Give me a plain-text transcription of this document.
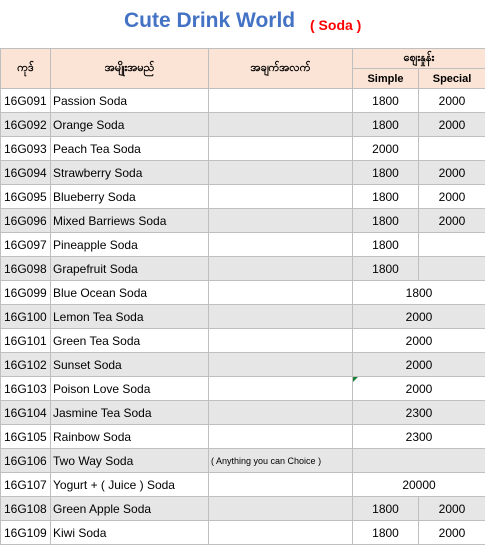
Cute Drink World ( Soda )
ကုဒ်	အမျိုးအမည်	အချက်အလက်	ဈေးနှုန်း	
			Simple	Special
16G091	Passion Soda		1800	2000
16G092	Orange Soda		1800	2000
16G093	Peach Tea Soda		2000	
16G094	Strawberry Soda		1800	2000
16G095	Blueberry Soda		1800	2000
16G096	Mixed Barriews Soda		1800	2000
16G097	Pineapple Soda		1800	
16G098	Grapefruit Soda		1800	
16G099	Blue Ocean Soda		1800	
16G100	Lemon Tea Soda		2000	
16G101	Green Tea Soda		2000	
16G102	Sunset Soda		2000	
16G103	Poison Love Soda		2000	

16G104	Jasmine Tea Soda		2300	
16G105	Rainbow Soda		2300	
16G106	Two Way Soda	( Anything you can Choice )		
16G107	Yogurt + ( Juice ) Soda		20000	
16G108	Green Apple Soda		1800	2000
16G109	Kiwi Soda		1800	2000
